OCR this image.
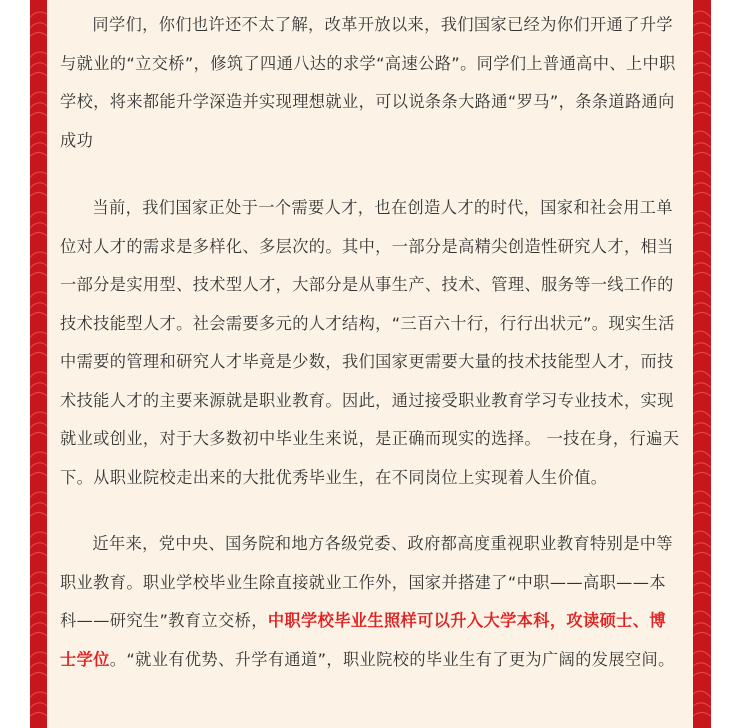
同学们，你们也许还不太了解，改革开放以来，我们国家已经为你们开通了升学与就业的“立交桥”，修筑了四通八达的求学“高速公路”。同学们上普通高中、上中职学校，将来都能升学深造并实现理想就业，可以说条条大路通“罗马”，条条道路通向成功

当前，我们国家正处于一个需要人才，也在创造人才的时代，国家和社会用工单位对人才的需求是多样化、多层次的。其中，一部分是高精尖创造性研究人才，相当一部分是实用型、技术型人才，大部分是从事生产、技术、管理、服务等一线工作的技术技能型人才。社会需要多元的人才结构，“三百六十行，行行出状元”。现实生活中需要的管理和研究人才毕竟是少数，我们国家更需要大量的技术技能型人才，而技术技能人才的主要来源就是职业教育。因此，通过接受职业教育学习专业技术，实现就业或创业，对于大多数初中毕业生来说，是正确而现实的选择。 一技在身，行遍天下。从职业院校走出来的大批优秀毕业生，在不同岗位上实现着人生价值。

近年来，党中央、国务院和地方各级党委、政府都高度重视职业教育特别是中等职业教育。职业学校毕业生除直接就业工作外，国家并搭建了“中职——高职——本科——研究生”教育立交桥，中职学校毕业生照样可以升入大学本科，攻读硕士、博士学位。“就业有优势、升学有通道”，职业院校的毕业生有了更为广阔的发展空间。
